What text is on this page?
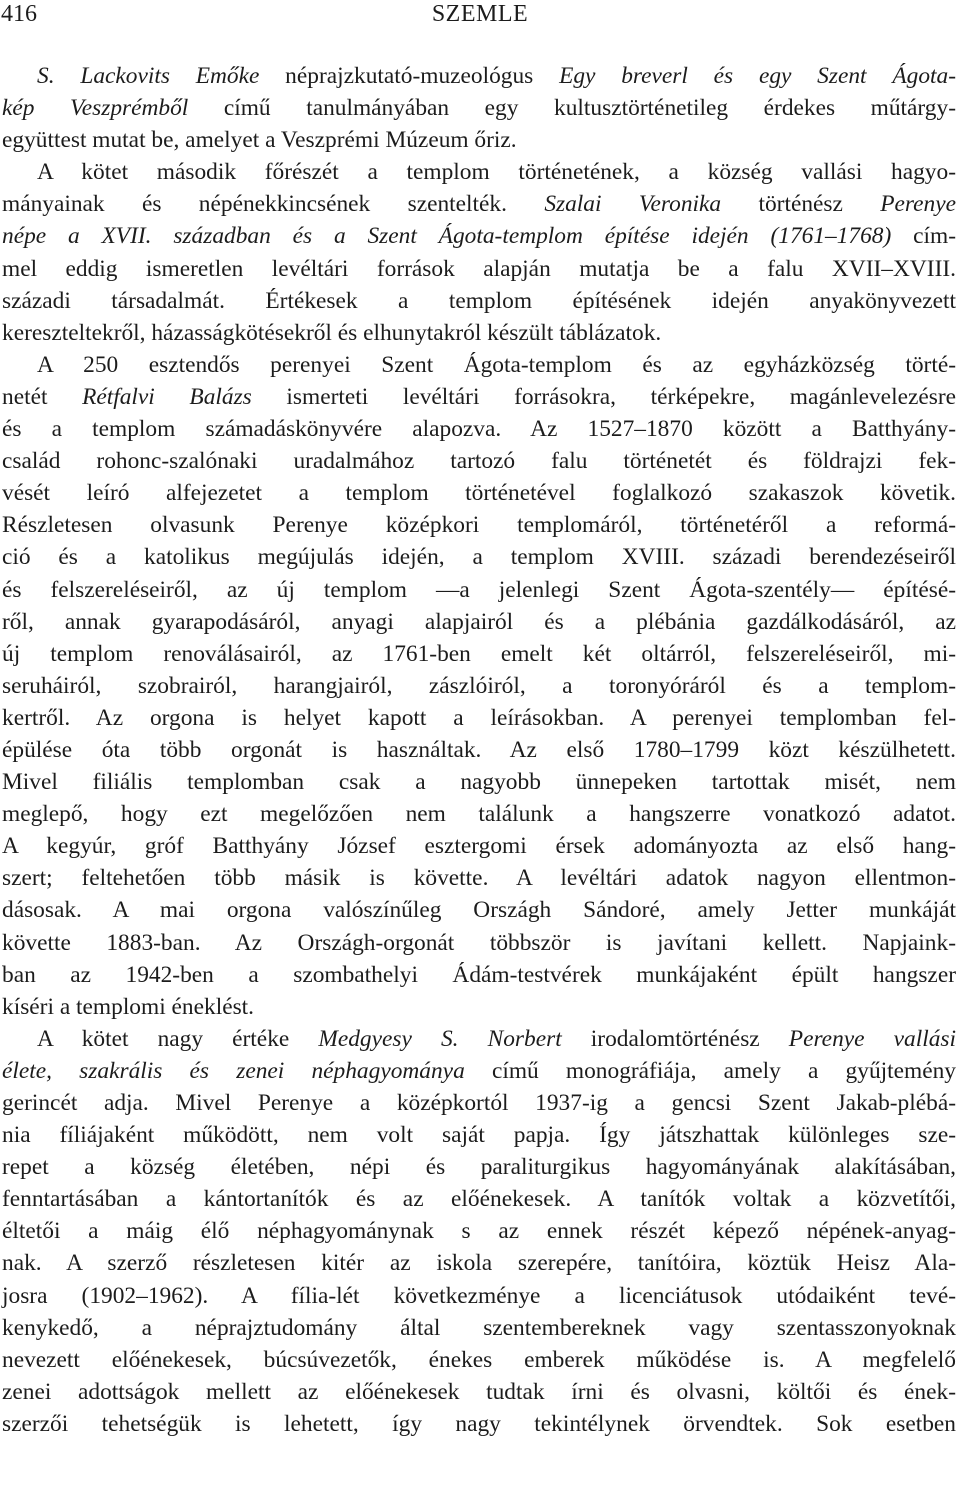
416	SZEMLE
S. Lackovits Emőke néprajzkutató-muzeológus Egy breverl és egy Szent Ágota-
kép Veszprémből című tanulmányában egy kultusztörténetileg érdekes műtárgy-
együttest mutat be, amelyet a Veszprémi Múzeum őriz.
A kötet második főrészét a templom történetének, a község vallási hagyo-
mányainak és népénekkincsének szentelték. Szalai Veronika történész Perenye
népe a XVII. században és a Szent Ágota-templom építése idején (1761–1768) cím-
mel eddig ismeretlen levéltári források alapján mutatja be a falu XVII–XVIII.
századi társadalmát. Értékesek a templom építésének idején anyakönyvezett
kereszteltekről, házasságkötésekről és elhunytakról készült táblázatok.
A 250 esztendős perenyei Szent Ágota-templom és az egyházközség törté-
netét Rétfalvi Balázs ismerteti levéltári forrásokra, térképekre, magánlevelezésre
és a templom számadáskönyvére alapozva. Az 1527–1870 között a Batthyány-
család rohonc-szalónaki uradalmához tartozó falu történetét és földrajzi fek-
vését leíró alfejezetet a templom történetével foglalkozó szakaszok követik.
Részletesen olvasunk Perenye középkori templomáról, történetéről a reformá-
ció és a katolikus megújulás idején, a templom XVIII. századi berendezéseiről
és felszereléseiről, az új templom —a jelenlegi Szent Ágota-szentély— építésé-
ről, annak gyarapodásáról, anyagi alapjairól és a plébánia gazdálkodásáról, az
új templom renoválásairól, az 1761-ben emelt két oltárról, felszereléseiről, mi-
seruháiról, szobrairól, harangjairól, zászlóiról, a toronyóráról és a templom-
kertről. Az orgona is helyet kapott a leírásokban. A perenyei templomban fel-
épülése óta több orgonát is használtak. Az első 1780–1799 közt készülhetett.
Mivel filiális templomban csak a nagyobb ünnepeken tartottak misét, nem
meglepő, hogy ezt megelőzően nem találunk a hangszerre vonatkozó adatot.
A kegyúr, gróf Batthyány József esztergomi érsek adományozta az első hang-
szert; feltehetően több másik is követte. A levéltári adatok nagyon ellentmon-
dásosak. A mai orgona valószínűleg Országh Sándoré, amely Jetter munkáját
követte 1883-ban. Az Országh-orgonát többször is javítani kellett. Napjaink-
ban az 1942-ben a szombathelyi Ádám-testvérek munkájaként épült hangszer
kíséri a templomi éneklést.
A kötet nagy értéke Medgyesy S. Norbert irodalomtörténész Perenye vallási
élete, szakrális és zenei néphagyománya című monográfiája, amely a gyűjtemény
gerincét adja. Mivel Perenye a középkortól 1937-ig a gencsi Szent Jakab-plébá-
nia fíliájaként működött, nem volt saját papja. Így játszhattak különleges sze-
repet a község életében, népi és paraliturgikus hagyományának alakításában,
fenntartásában a kántortanítók és az előénekesek. A tanítók voltak a közvetítői,
éltetői a máig élő néphagyománynak s az ennek részét képező népének-anyag-
nak. A szerző részletesen kitér az iskola szerepére, tanítóira, köztük Heisz Ala-
josra (1902–1962). A fília-lét következménye a licenciátusok utódaiként tevé-
kenykedő, a néprajztudomány által szentembereknek vagy szentasszonyoknak
nevezett előénekesek, búcsúvezetők, énekes emberek működése is. A megfelelő
zenei adottságok mellett az előénekesek tudtak írni és olvasni, költői és ének-
szerzői tehetségük is lehetett, így nagy tekintélynek örvendtek. Sok esetben
